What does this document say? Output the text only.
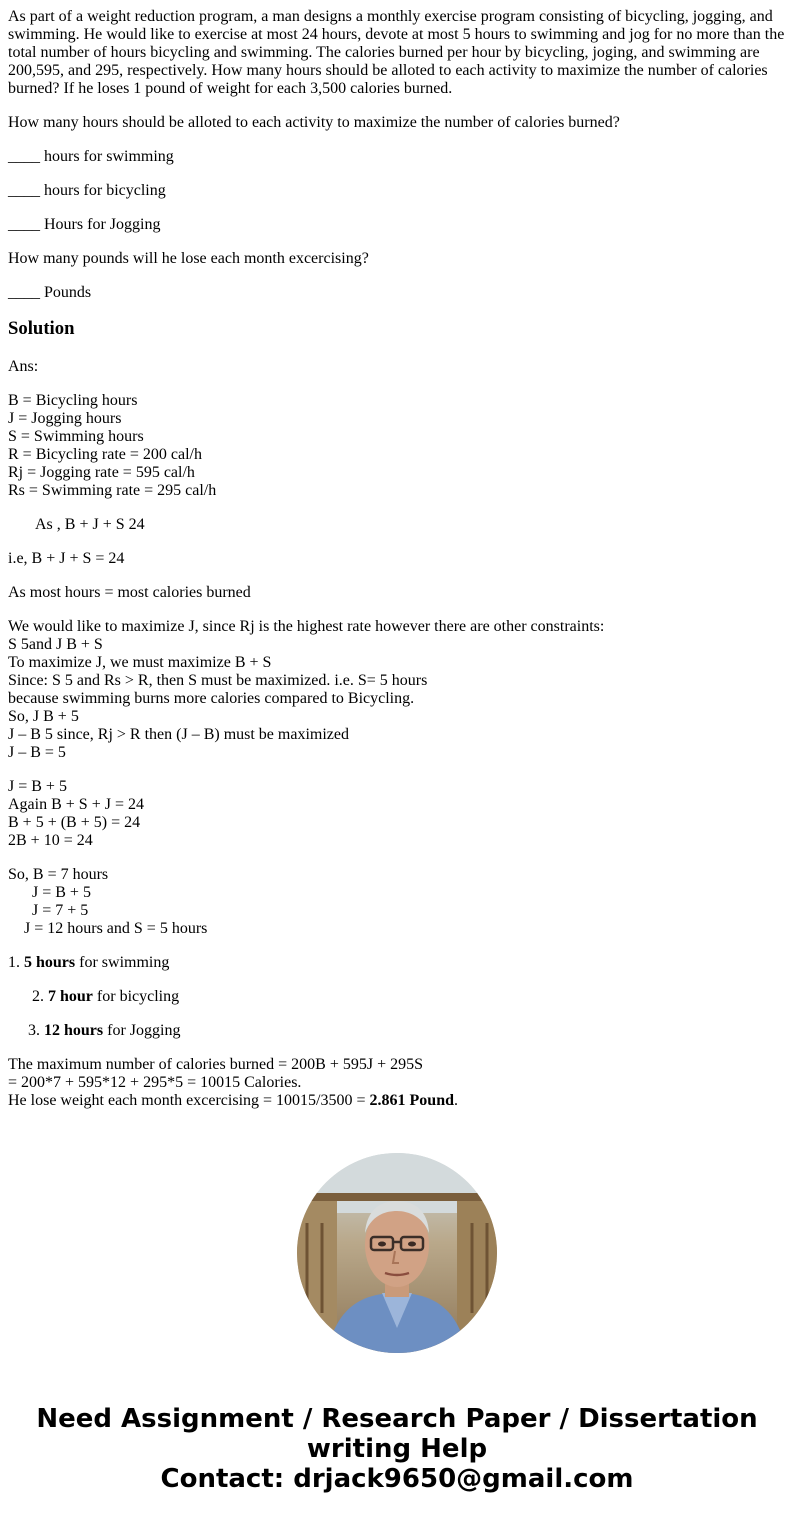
As part of a weight reduction program, a man designs a monthly exercise program consisting of bicycling, jogging, and swimming. He would like to exercise at most 24 hours, devote at most 5 hours to swimming and jog for no more than the total number of hours bicycling and swimming. The calories burned per hour by bicycling, joging, and swimming are 200,595, and 295, respectively. How many hours should be alloted to each activity to maximize the number of calories burned? If he loses 1 pound of weight for each 3,500 calories burned.

How many hours should be alloted to each activity to maximize the number of calories burned?

____ hours for swimming

____ hours for bicycling

____ Hours for Jogging

How many pounds will he lose each month excercising?

____ Pounds

Solution

Ans:

B = Bicycling hours
J = Jogging hours
S = Swimming hours
R = Bicycling rate = 200 cal/h
Rj = Jogging rate = 595 cal/h
Rs = Swimming rate = 295 cal/h

As , B + J + S 24

i.e, B + J + S = 24

As most hours = most calories burned

We would like to maximize J, since Rj is the highest rate however there are other constraints:
S 5and J B + S
To maximize J, we must maximize B + S
Since: S 5 and Rs > R, then S must be maximized. i.e. S= 5 hours
because swimming burns more calories compared to Bicycling.
So, J B + 5
J – B 5 since, Rj > R then (J – B) must be maximized
J – B = 5
J = B + 5
Again B + S + J = 24
B + 5 + (B + 5) = 24
2B + 10 = 24
So, B = 7 hours
J = B + 5
J = 7 + 5
J = 12 hours and S = 5 hours

1. 5 hours for swimming

2. 7 hour for bicycling

3. 12 hours for Jogging

The maximum number of calories burned = 200B + 595J + 295S
= 200*7 + 595*12 + 295*5 = 10015 Calories.
He lose weight each month excercising = 10015/3500 = 2.861 Pound.
Need Assignment / Research Paper / Dissertation
writing Help
Contact: drjack9650@gmail.com
